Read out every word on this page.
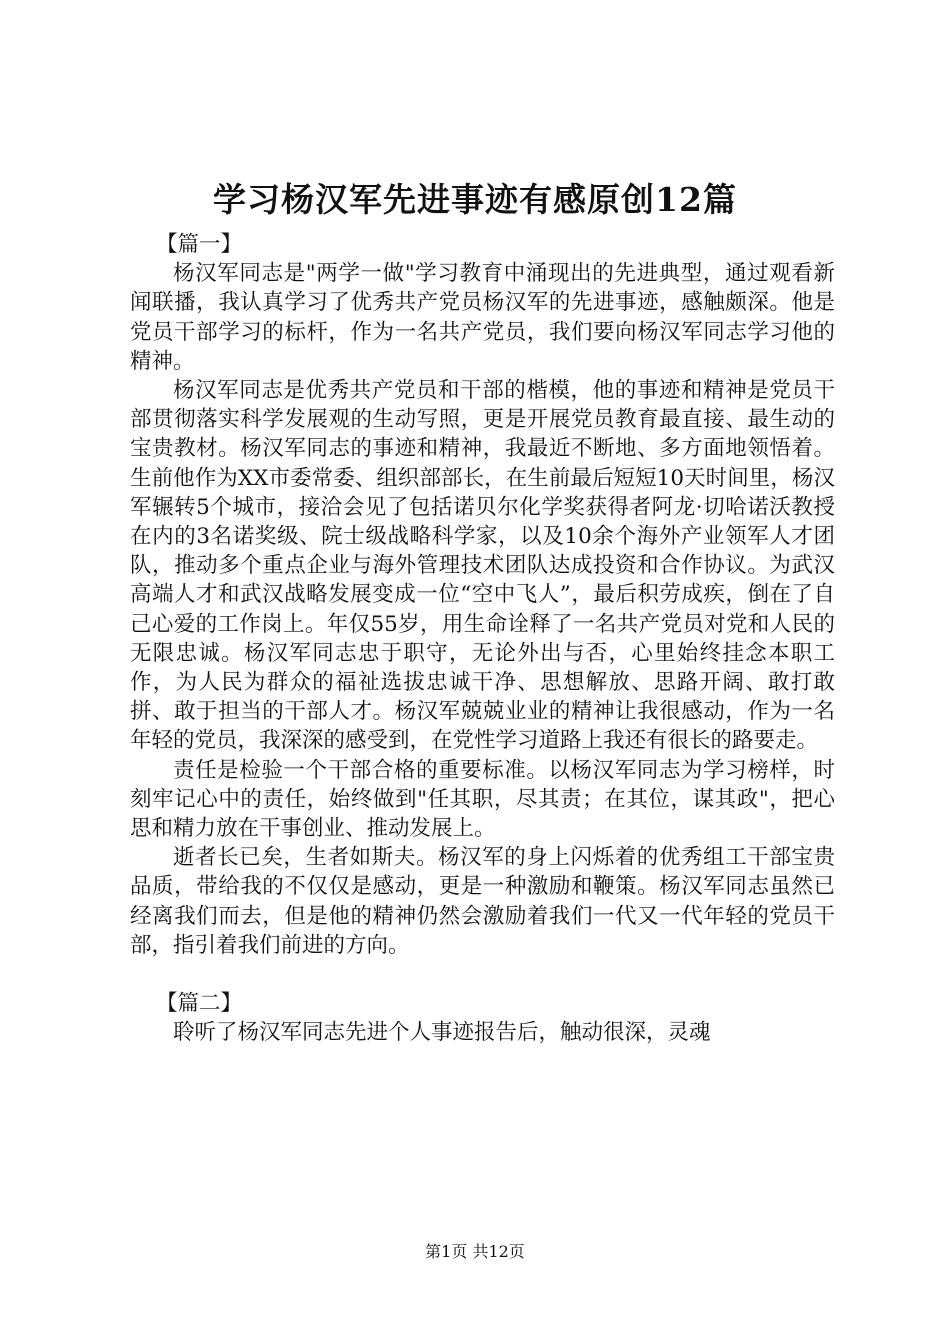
学习杨汉军先进事迹有感原创12篇

【篇一】

杨汉军同志是"两学一做"学习教育中涌现出的先进典型，通过观看新闻联播，我认真学习了优秀共产党员杨汉军的先进事迹，感触颇深。他是党员干部学习的标杆，作为一名共产党员，我们要向杨汉军同志学习他的精神。

杨汉军同志是优秀共产党员和干部的楷模，他的事迹和精神是党员干部贯彻落实科学发展观的生动写照，更是开展党员教育最直接、最生动的宝贵教材。杨汉军同志的事迹和精神，我最近不断地、多方面地领悟着。生前他作为XX市委常委、组织部部长，在生前最后短短10天时间里，杨汉军辗转5个城市，接洽会见了包括诺贝尔化学奖获得者阿龙·切哈诺沃教授在内的3名诺奖级、院士级战略科学家，以及10余个海外产业领军人才团队，推动多个重点企业与海外管理技术团队达成投资和合作协议。为武汉高端人才和武汉战略发展变成一位“空中飞人”，最后积劳成疾，倒在了自己心爱的工作岗上。年仅55岁，用生命诠释了一名共产党员对党和人民的无限忠诚。杨汉军同志忠于职守，无论外出与否，心里始终挂念本职工作，为人民为群众的福祉选拔忠诚干净、思想解放、思路开阔、敢打敢拼、敢于担当的干部人才。杨汉军兢兢业业的精神让我很感动，作为一名年轻的党员，我深深的感受到，在党性学习道路上我还有很长的路要走。

责任是检验一个干部合格的重要标准。以杨汉军同志为学习榜样，时刻牢记心中的责任，始终做到"任其职，尽其责；在其位，谋其政"，把心思和精力放在干事创业、推动发展上。

逝者长已矣，生者如斯夫。杨汉军的身上闪烁着的优秀组工干部宝贵品质，带给我的不仅仅是感动，更是一种激励和鞭策。杨汉军同志虽然已经离我们而去，但是他的精神仍然会激励着我们一代又一代年轻的党员干部，指引着我们前进的方向。

【篇二】

聆听了杨汉军同志先进个人事迹报告后，触动很深，灵魂

第1页 共12页
